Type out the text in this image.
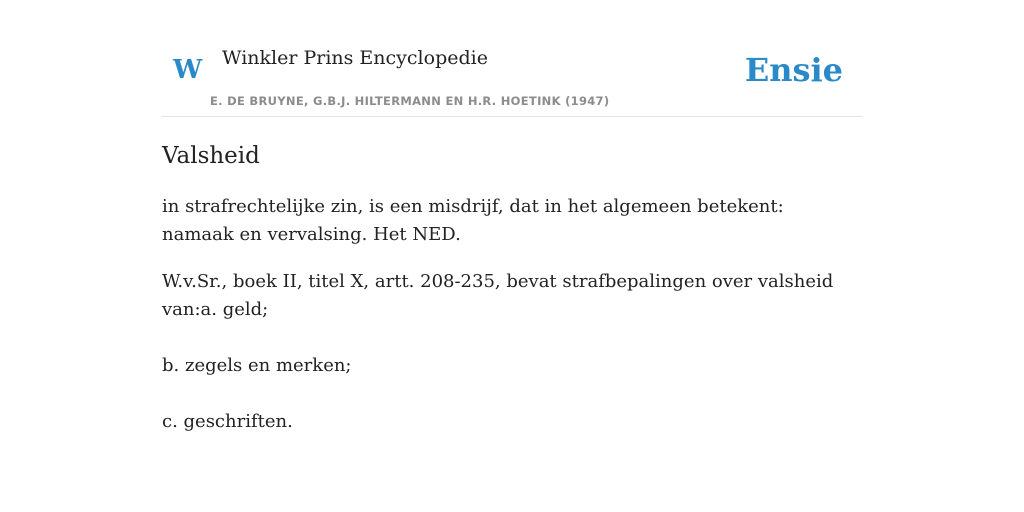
W Winkler Prins Encyclopedie
E. DE BRUYNE, G.B.J. HILTERMANN EN H.R. HOETINK (1947)
Ensie
Valsheid

in strafrechtelijke zin, is een misdrijf, dat in het algemeen betekent: namaak en vervalsing. Het NED.

W.v.Sr., boek II, titel X, artt. 208-235, bevat strafbepalingen over valsheid van:a. geld;

b. zegels en merken;

c. geschriften.
